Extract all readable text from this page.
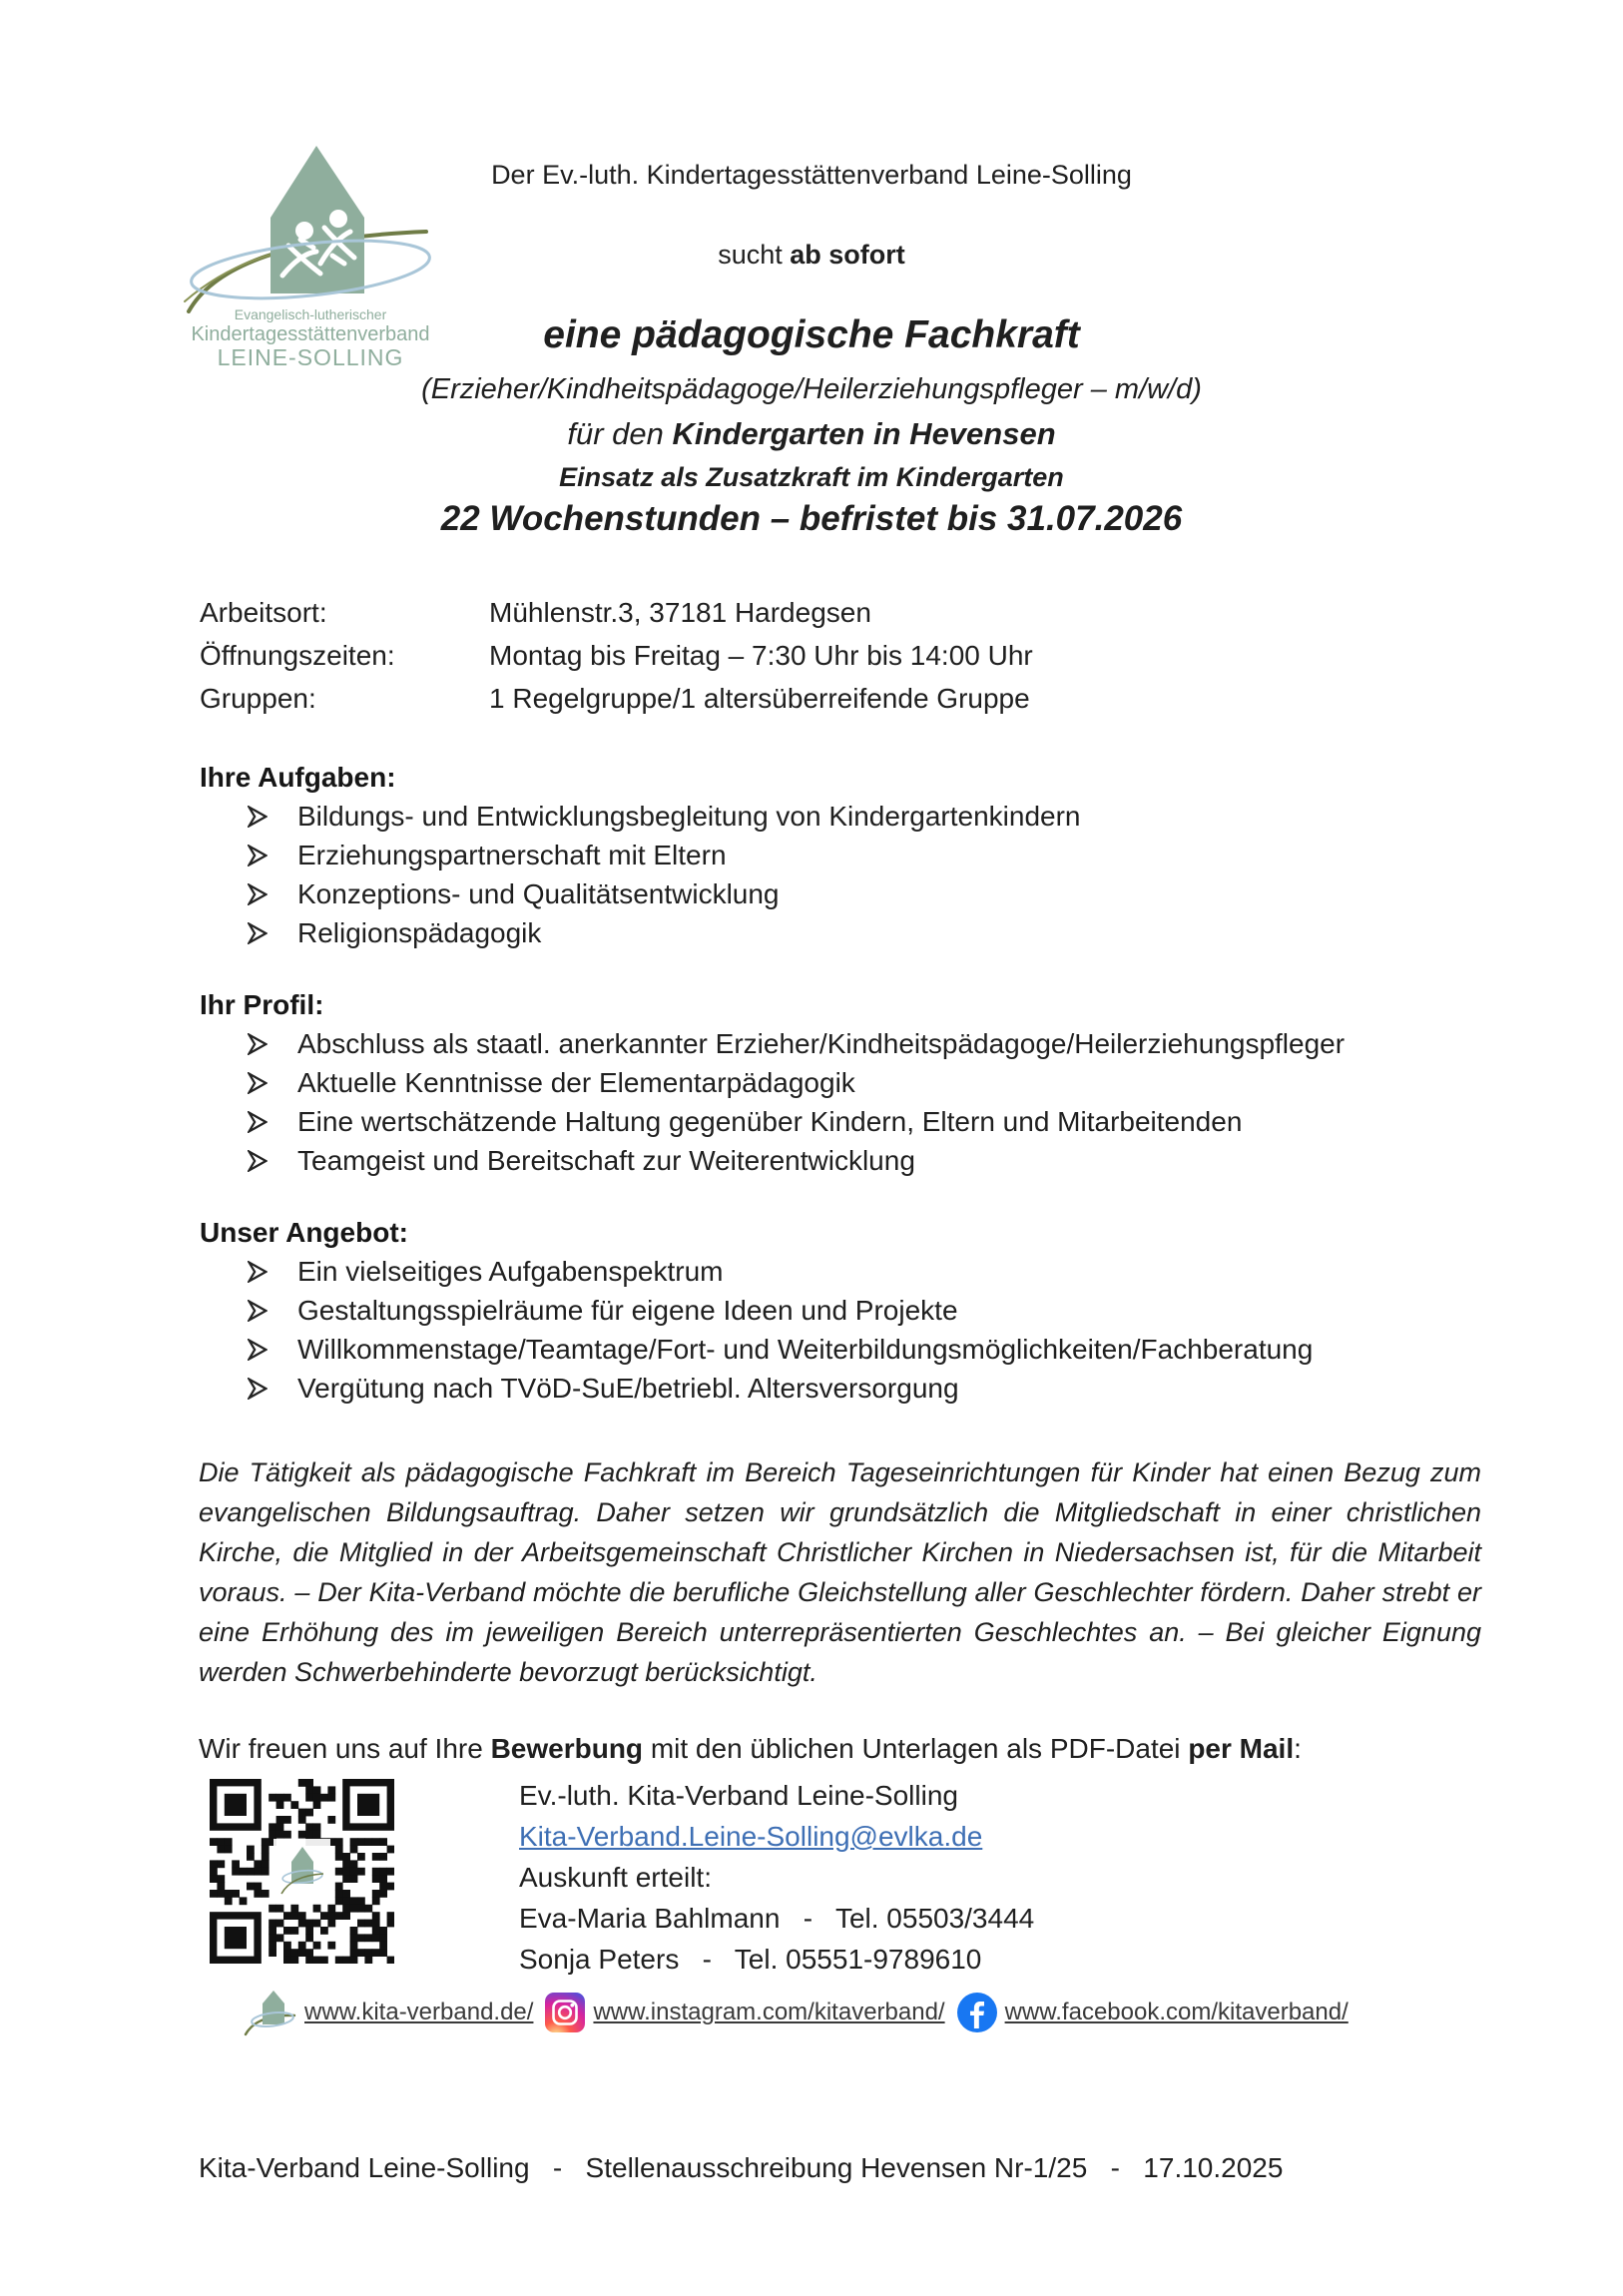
Evangelisch-lutherischer
Kindertagesstättenverband
LEINE-SOLLING
Der Ev.-luth. Kindertagesstättenverband Leine-Solling
sucht ab sofort
eine pädagogische Fachkraft
(Erzieher/Kindheitspädagoge/Heilerziehungspfleger – m/w/d)
für den Kindergarten in Hevensen
Einsatz als Zusatzkraft im Kindergarten
22 Wochenstunden – befristet bis 31.07.2026
Arbeitsort:	Mühlenstr.3, 37181 Hardegsen
Öffnungszeiten:	Montag bis Freitag – 7:30 Uhr bis 14:00 Uhr
Gruppen:	1 Regelgruppe/1 altersüberreifende Gruppe
Ihre Aufgaben:
Bildungs- und Entwicklungsbegleitung von Kindergartenkindern
Erziehungspartnerschaft mit Eltern
Konzeptions- und Qualitätsentwicklung
Religionspädagogik
Ihr Profil:
Abschluss als staatl. anerkannter Erzieher/Kindheitspädagoge/Heilerziehungspfleger
Aktuelle Kenntnisse der Elementarpädagogik
Eine wertschätzende Haltung gegenüber Kindern, Eltern und Mitarbeitenden
Teamgeist und Bereitschaft zur Weiterentwicklung
Unser Angebot:
Ein vielseitiges Aufgabenspektrum
Gestaltungsspielräume für eigene Ideen und Projekte
Willkommenstage/Teamtage/Fort- und Weiterbildungsmöglichkeiten/Fachberatung
Vergütung nach TVöD-SuE/betriebl. Altersversorgung

Die Tätigkeit als pädagogische Fachkraft im Bereich Tageseinrichtungen für Kinder hat einen Bezug zum evangelischen Bildungsauftrag. Daher setzen wir grundsätzlich die Mitgliedschaft in einer christlichen Kirche, die Mitglied in der Arbeitsgemeinschaft Christlicher Kirchen in Niedersachsen ist, für die Mitarbeit voraus. – Der Kita-Verband möchte die berufliche Gleichstellung aller Geschlechter fördern. Daher strebt er eine Erhöhung des im jeweiligen Bereich unterrepräsentierten Geschlechtes an. – Bei gleicher Eignung werden Schwerbehinderte bevorzugt berücksichtigt.

Wir freuen uns auf Ihre Bewerbung mit den üblichen Unterlagen als PDF-Datei per Mail:

Ev.-luth. Kita-Verband Leine-Solling
Kita-Verband.Leine-Solling@evlka.de
Auskunft erteilt:
Eva-Maria Bahlmann   -   Tel. 05503/3444
Sonja Peters   -   Tel. 05551-9789610
www.kita-verband.de/	www.instagram.com/kitaverband/	www.facebook.com/kitaverband/
Kita-Verband Leine-Solling   -   Stellenausschreibung Hevensen Nr-1/25   -   17.10.2025
